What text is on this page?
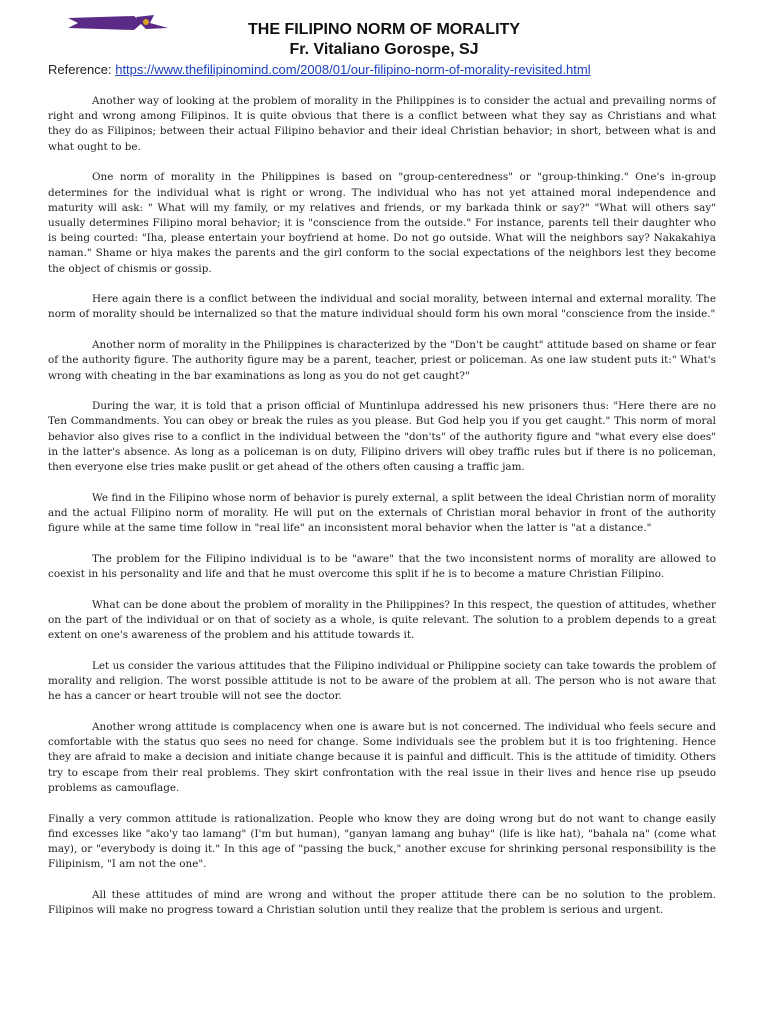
THE FILIPINO NORM OF MORALITY
Fr. Vitaliano Gorospe, SJ
Reference: https://www.thefilipinomind.com/2008/01/our-filipino-norm-of-morality-revisited.html

Another way of looking at the problem of morality in the Philippines is to consider the actual and prevailing norms of right and wrong among Filipinos. It is quite obvious that there is a conflict between what they say as Christians and what they do as Filipinos; between their actual Filipino behavior and their ideal Christian behavior; in short, between what is and what ought to be.

One norm of morality in the Philippines is based on "group-centeredness" or "group-thinking." One's in-group determines for the individual what is right or wrong. The individual who has not yet attained moral independence and maturity will ask: " What will my family, or my relatives and friends, or my barkada think or say?" "What will others say" usually determines Filipino moral behavior; it is "conscience from the outside." For instance, parents tell their daughter who is being courted: "Iha, please entertain your boyfriend at home. Do not go outside. What will the neighbors say? Nakakahiya naman." Shame or hiya makes the parents and the girl conform to the social expectations of the neighbors lest they become the object of chismis or gossip.

Here again there is a conflict between the individual and social morality, between internal and external morality. The norm of morality should be internalized so that the mature individual should form his own moral "conscience from the inside."

Another norm of morality in the Philippines is characterized by the "Don't be caught" attitude based on shame or fear of the authority figure. The authority figure may be a parent, teacher, priest or policeman. As one law student puts it:" What's wrong with cheating in the bar examinations as long as you do not get caught?"

During the war, it is told that a prison official of Muntinlupa addressed his new prisoners thus: "Here there are no Ten Commandments. You can obey or break the rules as you please. But God help you if you get caught." This norm of moral behavior also gives rise to a conflict in the individual between the "don'ts" of the authority figure and "what every else does" in the latter's absence. As long as a policeman is on duty, Filipino drivers will obey traffic rules but if there is no policeman, then everyone else tries make puslit or get ahead of the others often causing a traffic jam.

We find in the Filipino whose norm of behavior is purely external, a split between the ideal Christian norm of morality and the actual Filipino norm of morality. He will put on the externals of Christian moral behavior in front of the authority figure while at the same time follow in "real life" an inconsistent moral behavior when the latter is "at a distance."

The problem for the Filipino individual is to be "aware" that the two inconsistent norms of morality are allowed to coexist in his personality and life and that he must overcome this split if he is to become a mature Christian Filipino.

What can be done about the problem of morality in the Philippines? In this respect, the question of attitudes, whether on the part of the individual or on that of society as a whole, is quite relevant. The solution to a problem depends to a great extent on one's awareness of the problem and his attitude towards it.

Let us consider the various attitudes that the Filipino individual or Philippine society can take towards the problem of morality and religion. The worst possible attitude is not to be aware of the problem at all. The person who is not aware that he has a cancer or heart trouble will not see the doctor.

Another wrong attitude is complacency when one is aware but is not concerned. The individual who feels secure and comfortable with the status quo sees no need for change. Some individuals see the problem but it is too frightening. Hence they are afraid to make a decision and initiate change because it is painful and difficult. This is the attitude of timidity. Others try to escape from their real problems. They skirt confrontation with the real issue in their lives and hence rise up pseudo problems as camouflage.

Finally a very common attitude is rationalization. People who know they are doing wrong but do not want to change easily find excesses like "ako'y tao lamang" (I'm but human), "ganyan lamang ang buhay" (life is like hat), "bahala na" (come what may), or "everybody is doing it." In this age of "passing the buck," another excuse for shrinking personal responsibility is the Filipinism, "I am not the one".

All these attitudes of mind are wrong and without the proper attitude there can be no solution to the problem. Filipinos will make no progress toward a Christian solution until they realize that the problem is serious and urgent.
